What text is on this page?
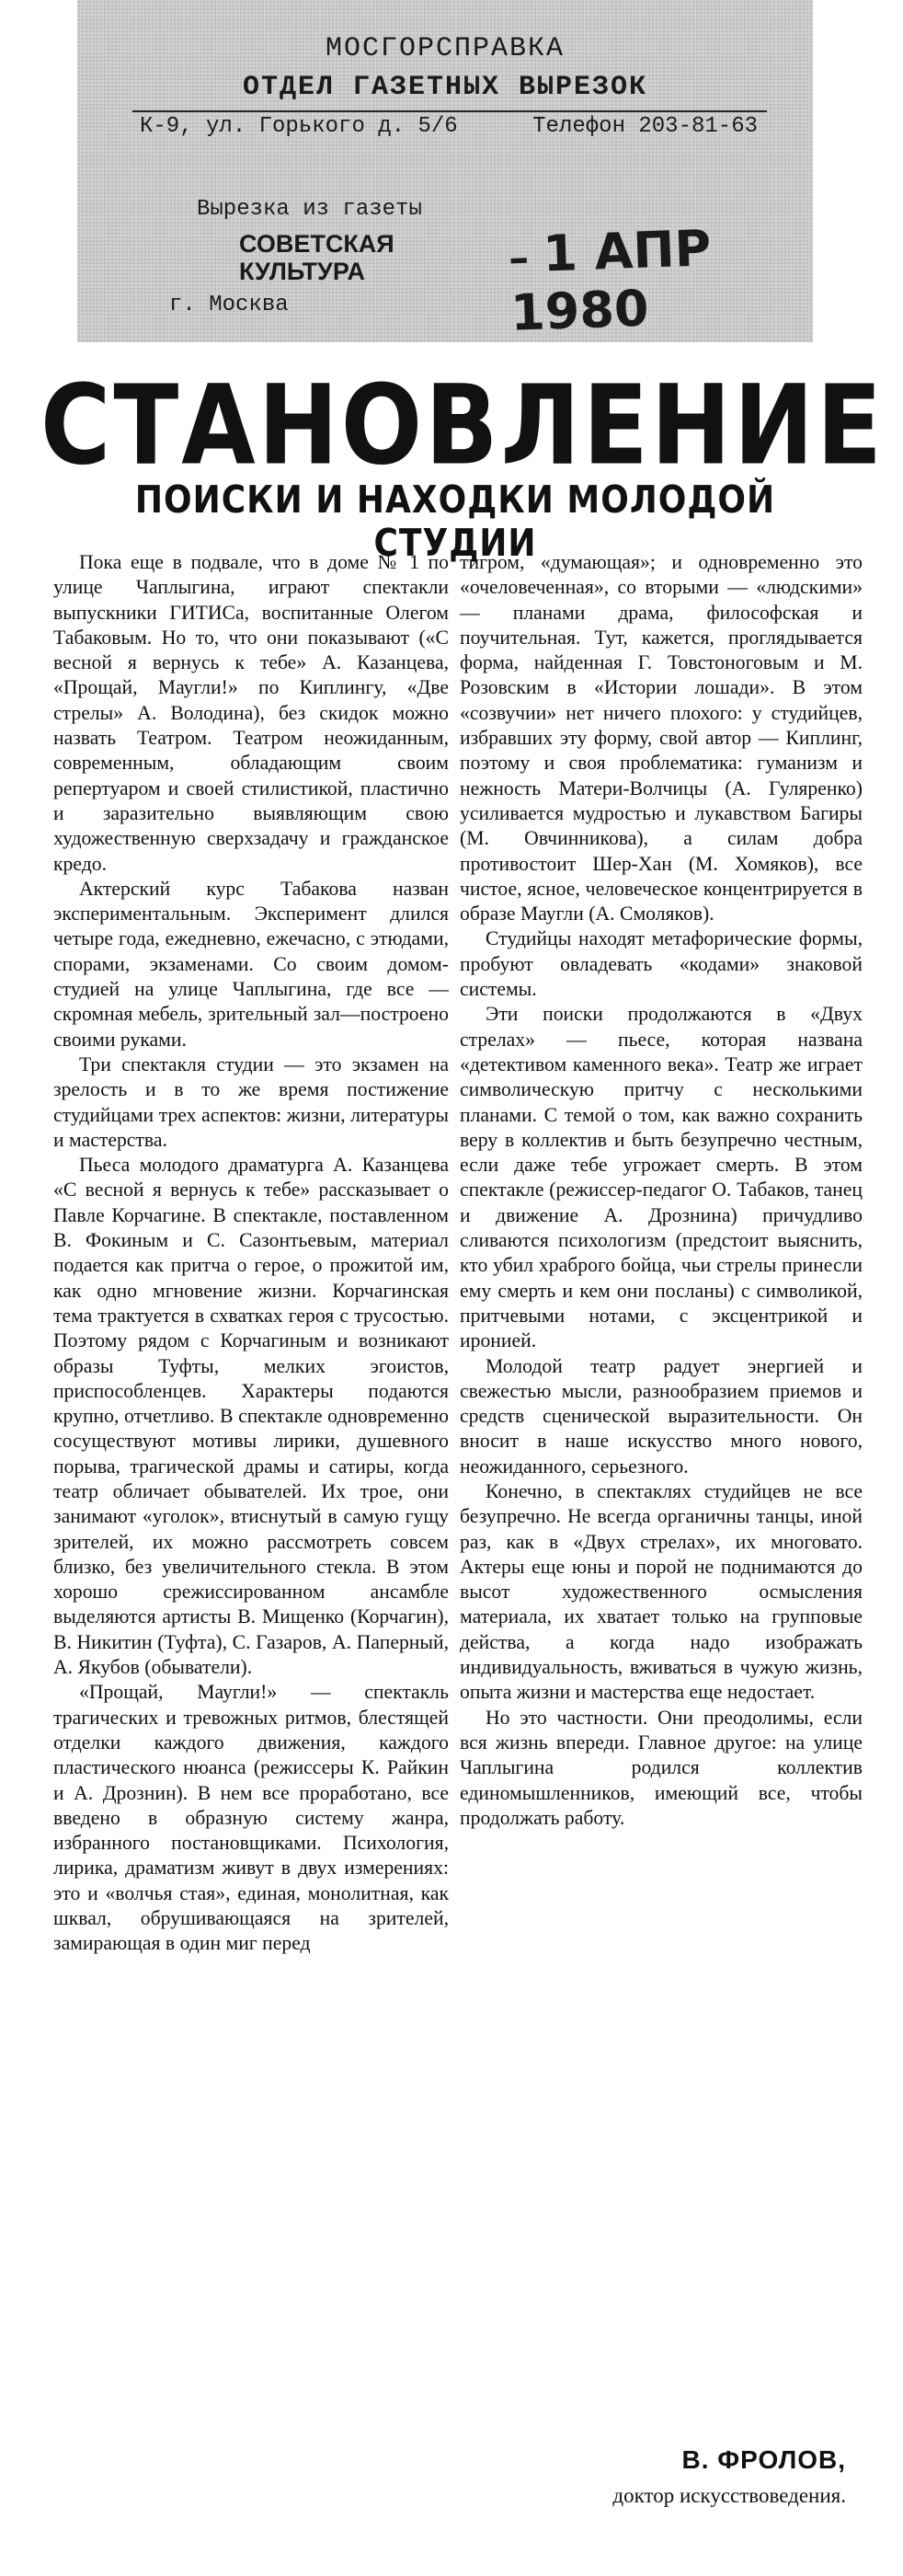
МОСГОРСПРАВКА
ОТДЕЛ ГАЗЕТНЫХ ВЫРЕЗОК
К-9, ул. Горького д. 5/6	Телефон 203-81-63
Вырезка из газеты
СОВЕТСКАЯ
КУЛЬТУРА
г. Москва
– 1 АПР 1980
СТАНОВЛЕНИЕ
ПОИСКИ И НАХОДКИ МОЛОДОЙ СТУДИИ

Пока еще в подвале, что в доме № 1 по улице Чаплыгина, играют спектакли выпускники ГИТИСа, воспитанные Олегом Табаковым. Но то, что они показывают («С весной я вернусь к тебе» А. Казанцева, «Прощай, Маугли!» по Киплингу, «Две стрелы» А. Володина), без скидок можно назвать Театром. Театром неожиданным, современным, обладающим своим репертуаром и своей стилистикой, пластично и заразительно выявляющим свою художественную сверхзадачу и гражданское кредо.

Актерский курс Табакова назван экспериментальным. Эксперимент длился четыре года, ежедневно, ежечасно, с этюдами, спорами, экзаменами. Со своим домом-студией на улице Чаплыгина, где все — скромная мебель, зрительный зал—построено своими руками.

Три спектакля студии — это экзамен на зрелость и в то же время постижение студийцами трех аспектов: жизни, литературы и мастерства.

Пьеса молодого драматурга А. Казанцева «С весной я вернусь к тебе» рассказывает о Павле Корчагине. В спектакле, поставленном В. Фокиным и С. Сазонтьевым, материал подается как притча о герое, о прожитой им, как одно мгновение жизни. Корчагинская тема трактуется в схватках героя с трусостью. Поэтому рядом с Корчагиным и возникают образы Туфты, мелких эгоистов, приспособленцев. Характеры подаются крупно, отчетливо. В спектакле одновременно сосуществуют мотивы лирики, душевного порыва, трагической драмы и сатиры, когда театр обличает обывателей. Их трое, они занимают «уголок», втиснутый в самую гущу зрителей, их можно рассмотреть совсем близко, без увеличительного стекла. В этом хорошо срежиссированном ансамбле выделяются артисты В. Мищенко (Корчагин), В. Никитин (Туфта), С. Газаров, А. Паперный, А. Якубов (обыватели).

«Прощай, Маугли!» — спектакль трагических и тревожных ритмов, блестящей отделки каждого движения, каждого пластического нюанса (режиссеры К. Райкин и А. Дрознин). В нем все проработано, все введено в образную систему жанра, избранного постановщиками. Психология, лирика, драматизм живут в двух измерениях: это и «волчья стая», единая, монолитная, как шквал, обрушивающаяся на зрителей, замирающая в один миг перед

тигром, «думающая»; и одновременно это «очеловеченная», со вторыми — «людскими» — планами драма, философская и поучительная. Тут, кажется, проглядывается форма, найденная Г. Товстоноговым и М. Розовским в «Истории лошади». В этом «созвучии» нет ничего плохого: у студийцев, избравших эту форму, свой автор — Киплинг, поэтому и своя проблематика: гуманизм и нежность Матери-Волчицы (А. Гуляренко) усиливается мудростью и лукавством Багиры (М. Овчинникова), а силам добра противостоит Шер-Хан (М. Хомяков), все чистое, ясное, человеческое концентрируется в образе Маугли (А. Смоляков).

Студийцы находят метафорические формы, пробуют овладевать «кодами» знаковой системы.

Эти поиски продолжаются в «Двух стрелах» — пьесе, которая названа «детективом каменного века». Театр же играет символическую притчу с несколькими планами. С темой о том, как важно сохранить веру в коллектив и быть безупречно честным, если даже тебе угрожает смерть. В этом спектакле (режиссер-педагог О. Табаков, танец и движение А. Дрознина) причудливо сливаются психологизм (предстоит выяснить, кто убил храброго бойца, чьи стрелы принесли ему смерть и кем они посланы) с символикой, притчевыми нотами, с эксцентрикой и иронией.

Молодой театр радует энергией и свежестью мысли, разнообразием приемов и средств сценической выразительности. Он вносит в наше искусство много нового, неожиданного, серьезного.

Конечно, в спектаклях студийцев не все безупречно. Не всегда органичны танцы, иной раз, как в «Двух стрелах», их многовато. Актеры еще юны и порой не поднимаются до высот художественного осмысления материала, их хватает только на групповые действа, а когда надо изображать индивидуальность, вживаться в чужую жизнь, опыта жизни и мастерства еще недостает.

Но это частности. Они преодолимы, если вся жизнь впереди. Главное другое: на улице Чаплыгина родился коллектив единомышленников, имеющий все, чтобы продолжать работу.

В. ФРОЛОВ,
доктор искусствоведения.
